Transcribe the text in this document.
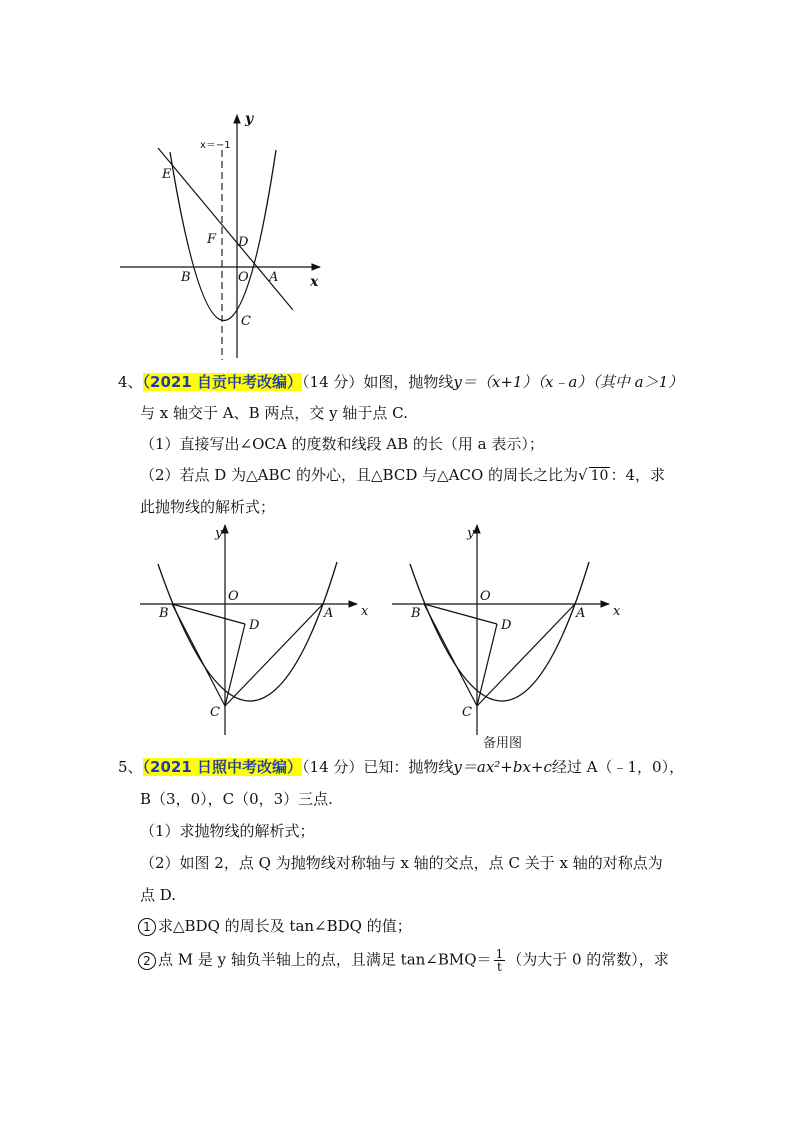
y
x
x＝−1
E
F D
B	O A
C
4、（2021 自贡中考改编）（14 分）如图，抛物线y＝（x+1）（x﹣a）（其中 a＞1）
与 x 轴交于 A、B 两点，交 y 轴于点 C.
（1）直接写出∠OCA 的度数和线段 AB 的长（用 a 表示）；
（2）若点 D 为△ABC 的外心，且△BCD 与△ACO 的周长之比为√ 10 ：4，求
此抛物线的解析式；
y
x
O
B
D
A
C
y
x
O
B
D
A
C
备用图
5、（2021 日照中考改编）（14 分）已知：抛物线y＝ax²+bx+c经过 A（﹣1，0），
B（3，0），C（0，3）三点.
（1）求抛物线的解析式；
（2）如图 2，点 Q 为抛物线对称轴与 x 轴的交点，点 C 关于 x 轴的对称点为
点 D.
1 求△BDQ 的周长及 tan∠BDQ 的值；
2 点 M 是 y 轴负半轴上的点，且满足 tan∠BMQ＝ $\frac{1}{t}$ （为大于 0 的常数），求
